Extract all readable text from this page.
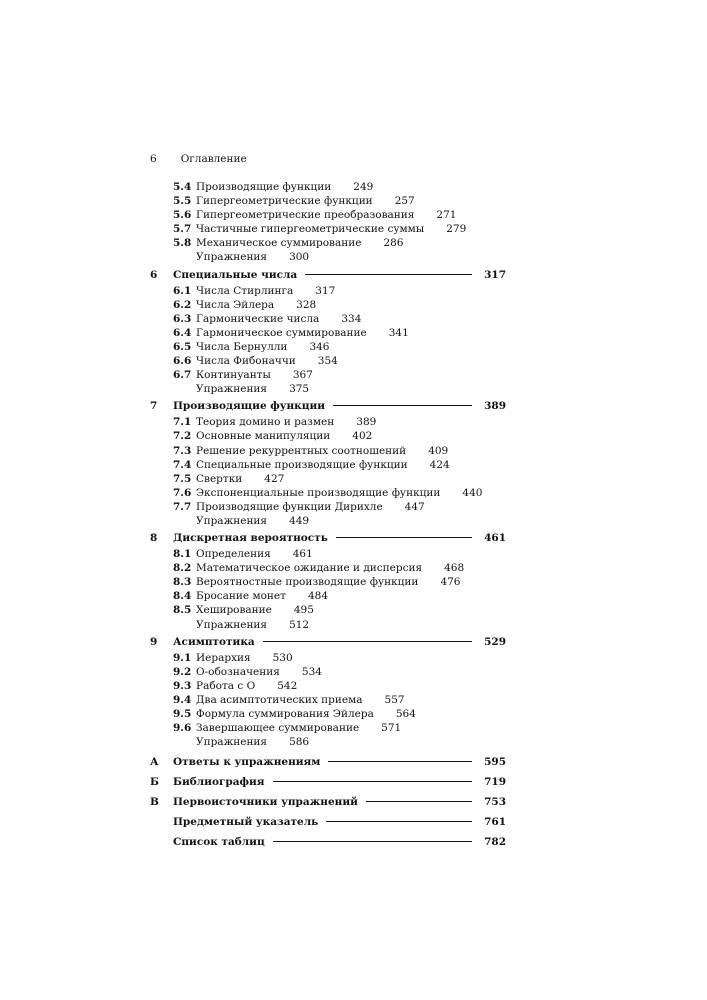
6 Оглавление
5.4 Производящие функции 249
5.5 Гипергеометрические функции 257
5.6 Гипергеометрические преобразования 271
5.7 Частичные гипергеометрические суммы 279
5.8 Механическое суммирование 286
Упражнения 300
6	Специальные числа	317
6.1 Числа Стирлинга 317
6.2 Числа Эйлера 328
6.3 Гармонические числа 334
6.4 Гармоническое суммирование 341
6.5 Числа Бернулли 346
6.6 Числа Фибоначчи 354
6.7 Континуанты 367
Упражнения 375
7	Производящие функции	389
7.1 Теория домино и размен 389
7.2 Основные манипуляции 402
7.3 Решение рекуррентных соотношений 409
7.4 Специальные производящие функции 424
7.5 Свертки 427
7.6 Экспоненциальные производящие функции 440
7.7 Производящие функции Дирихле 447
Упражнения 449
8	Дискретная вероятность	461
8.1 Определения 461
8.2 Математическое ожидание и дисперсия 468
8.3 Вероятностные производящие функции 476
8.4 Бросание монет 484
8.5 Хеширование 495
Упражнения 512
9	Асимптотика	529
9.1 Иерархия 530
9.2 О-обозначения 534
9.3 Работа с О 542
9.4 Два асимптотических приема 557
9.5 Формула суммирования Эйлера 564
9.6 Завершающее суммирование 571
Упражнения 586
А	Ответы к упражнениям	595
Б	Библиография	719
В	Первоисточники упражнений	753
Предметный указатель	761
Список таблиц	782
